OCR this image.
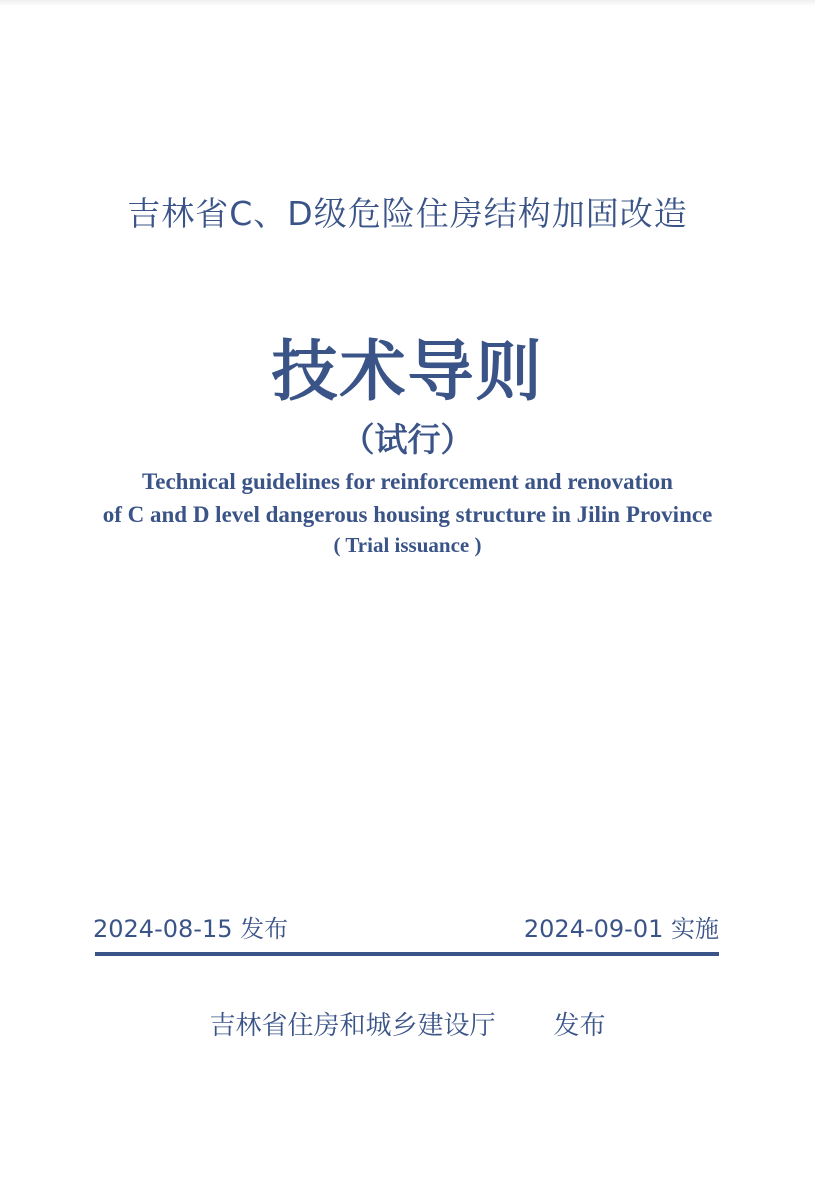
吉林省C、D级危险住房结构加固改造
技术导则
（试行）
Technical guidelines for reinforcement and renovation
of C and D level dangerous housing structure in Jilin Province
( Trial issuance )
2024-08-15 发布	2024-09-01 实施
吉林省住房和城乡建设厅 发布
